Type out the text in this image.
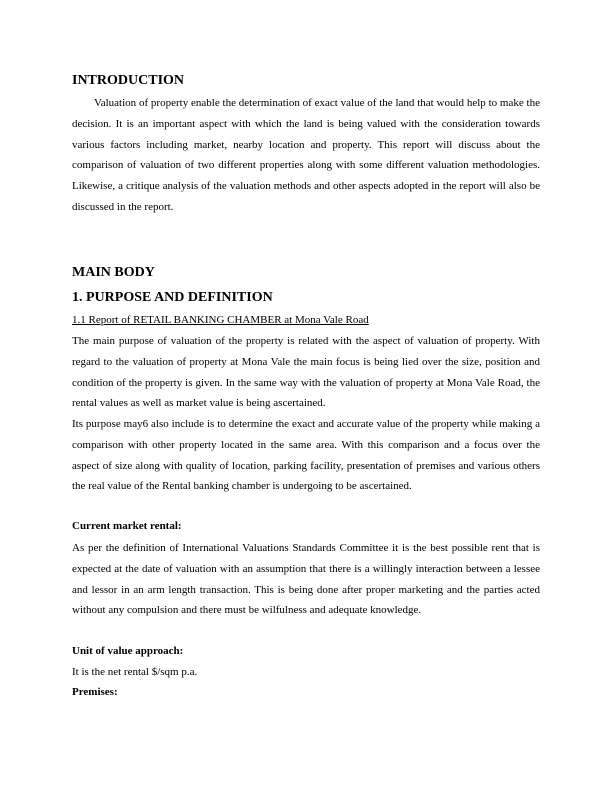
INTRODUCTION

Valuation of property enable the determination of exact value of the land that would help to make the decision. It is an important aspect with which the land is being valued with the consideration towards various factors including market, nearby location and property. This report will discuss about the comparison of valuation of two different properties along with some different valuation methodologies. Likewise, a critique analysis of the valuation methods and other aspects adopted in the report will also be discussed in the report.

MAIN BODY
1. PURPOSE AND DEFINITION

1.1 Report of RETAIL BANKING CHAMBER at Mona Vale Road

The main purpose of valuation of the property is related with the aspect of valuation of property. With regard to the valuation of property at Mona Vale the main focus is being lied over the size, position and condition of the property is given. In the same way with the valuation of property at Mona Vale Road, the rental values as well as market value is being ascertained.

Its purpose may6 also include is to determine the exact and accurate value of the property while making a comparison with other property located in the same area. With this comparison and a focus over the aspect of size along with quality of location, parking facility, presentation of premises and various others the real value of the Rental banking chamber is undergoing to be ascertained.

Current market rental:

As per the definition of International Valuations Standards Committee it is the best possible rent that is expected at the date of valuation with an assumption that there is a willingly interaction between a lessee and lessor in an arm length transaction. This is being done after proper marketing and the parties acted without any compulsion and there must be wilfulness and adequate knowledge.

Unit of value approach:

It is the net rental $/sqm p.a.

Premises:
